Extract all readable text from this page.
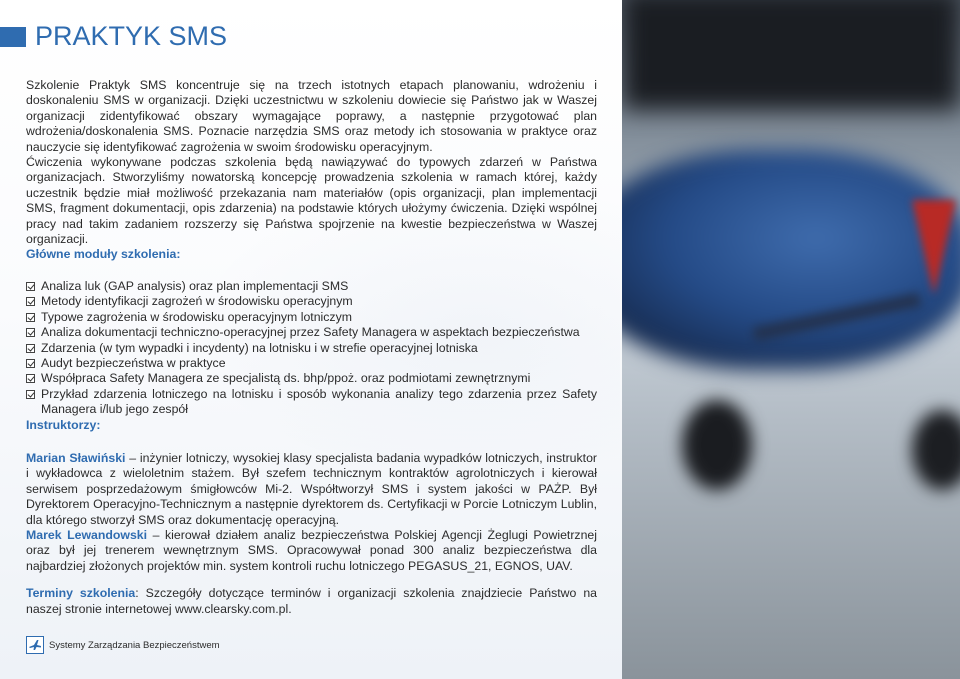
PRAKTYK SMS

Szkolenie Praktyk SMS koncentruje się na trzech istotnych etapach planowaniu, wdrożeniu i doskonaleniu SMS w organizacji. Dzięki uczestnictwu w szkoleniu dowiecie się Państwo jak w Waszej organizacji zidentyfikować obszary wymagające poprawy, a następnie przygotować plan wdrożenia/doskonalenia SMS. Poznacie narzędzia SMS oraz metody ich stosowania w praktyce oraz nauczycie się identyfikować zagrożenia w swoim środowisku operacyjnym.

Ćwiczenia wykonywane podczas szkolenia będą nawiązywać do typowych zdarzeń w Państwa organizacjach. Stworzyliśmy nowatorską koncepcję prowadzenia szkolenia w ramach której, każdy uczestnik będzie miał możliwość przekazania nam materiałów (opis organizacji, plan implementacji SMS, fragment dokumentacji, opis zdarzenia) na podstawie których ułożymy ćwiczenia. Dzięki wspólnej pracy nad takim zadaniem rozszerzy się Państwa spojrzenie na kwestie bezpieczeństwa w Waszej organizacji.

Główne moduły szkolenia:

Analiza luk (GAP analysis) oraz plan implementacji SMS
Metody identyfikacji zagrożeń w środowisku operacyjnym
Typowe zagrożenia w środowisku operacyjnym lotniczym
Analiza dokumentacji techniczno-operacyjnej przez Safety Managera w aspektach bezpieczeństwa
Zdarzenia (w tym wypadki i incydenty) na lotnisku i w strefie operacyjnej lotniska
Audyt bezpieczeństwa w praktyce
Współpraca Safety Managera ze specjalistą ds. bhp/ppoż. oraz podmiotami zewnętrznymi
Przykład zdarzenia lotniczego na lotnisku i sposób wykonania analizy tego zdarzenia przez Safety Managera i/lub jego zespół

Instruktorzy:

Marian Sławiński – inżynier lotniczy, wysokiej klasy specjalista badania wypadków lotniczych, instruktor i wykładowca z wieloletnim stażem. Był szefem technicznym kontraktów agrolotniczych i kierował serwisem posprzedażowym śmigłowców Mi-2. Współtworzył SMS i system jakości w PAŻP. Był Dyrektorem Operacyjno-Technicznym a następnie dyrektorem ds. Certyfikacji w Porcie Lotniczym Lublin, dla którego stworzył SMS oraz dokumentację operacyjną.

Marek Lewandowski – kierował działem analiz bezpieczeństwa Polskiej Agencji Żeglugi Powietrznej oraz był jej trenerem wewnętrznym SMS. Opracowywał ponad 300 analiz bezpieczeństwa dla najbardziej złożonych projektów min. system kontroli ruchu lotniczego PEGASUS_21, EGNOS, UAV.

Terminy szkolenia: Szczegóły dotyczące terminów i organizacji szkolenia znajdziecie Państwo na naszej stronie internetowej www.clearsky.com.pl.

Systemy Zarządzania Bezpieczeństwem
